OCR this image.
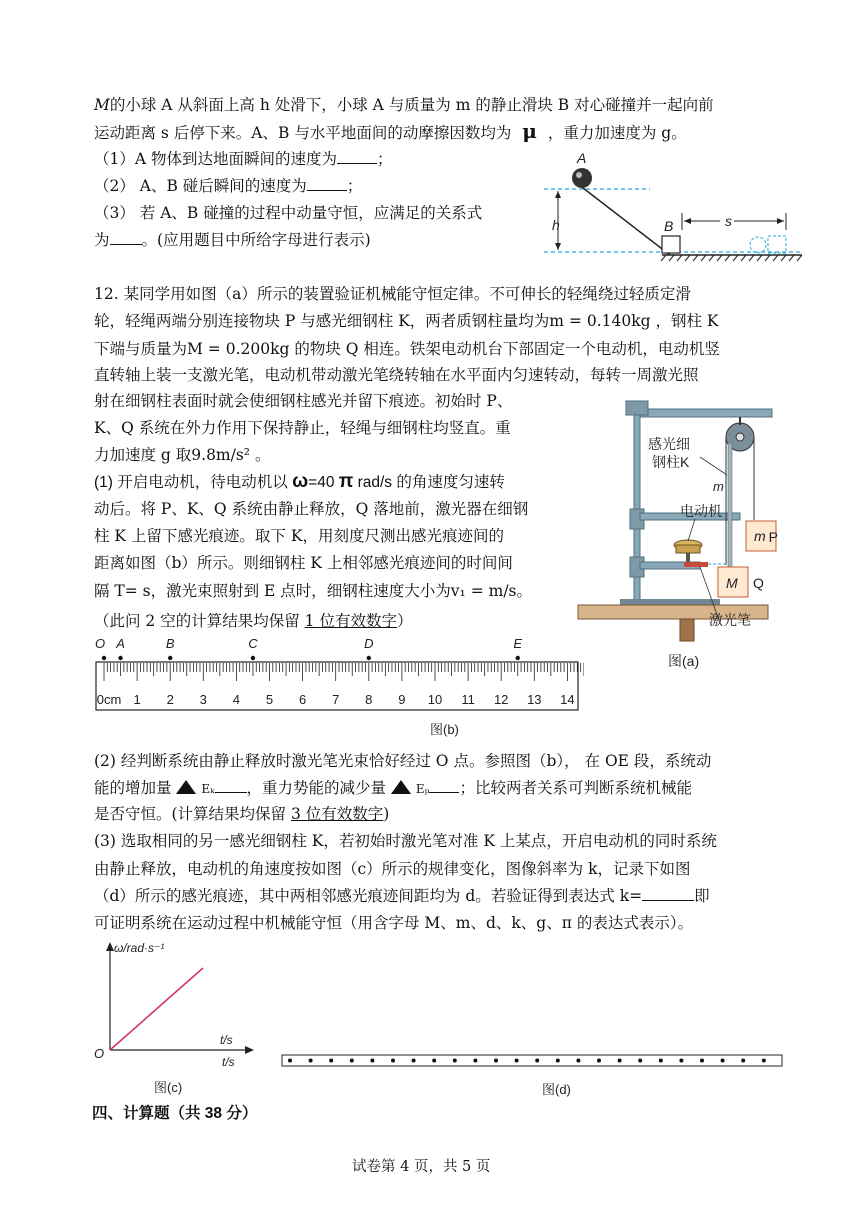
M的小球 A 从斜面上高 h 处滑下，小球 A 与质量为 m 的静止滑块 B 对心碰撞并一起向前
运动距离 s 后停下来。A、B 与水平地面间的动摩擦因数均为 μ ，重力加速度为 g。
（1）A 物体到达地面瞬间的速度为	；
（2） A、B 碰后瞬间的速度为	；
（3） 若 A、B 碰撞的过程中动量守恒，应满足的关系式
为 。(应用题目中所给字母进行表示)
h
A
B	s
12. 某同学用如图（a）所示的装置验证机械能守恒定律。不可伸长的轻绳绕过轻质定滑
轮，轻绳两端分别连接物块 P 与感光细钢柱 K，两者质钢柱量均为m = 0.140kg ，钢柱 K
下端与质量为M = 0.200kg 的物块 Q 相连。铁架电动机台下部固定一个电动机，电动机竖
直转轴上装一支激光笔，电动机带动激光笔绕转轴在水平面内匀速转动，每转一周激光照
射在细钢柱表面时就会使细钢柱感光并留下痕迹。初始时 P、
K、Q 系统在外力作用下保持静止，轻绳与细钢柱均竖直。重
力加速度 g 取9.8m/s² 。
(1) 开启电动机，待电动机以 ω=40 π rad/s 的角速度匀速转
动后。将 P、K、Q 系统由静止释放，Q 落地前，激光器在细钢
柱 K 上留下感光痕迹。取下 K，用刻度尺测出感光痕迹间的
距离如图（b）所示。则细钢柱 K 上相邻感光痕迹间的时间间
隔 T= s，激光束照射到 E 点时，细钢柱速度大小为v₁ = m/s。
（此问 2 空的计算结果均保留 1 位有效数字）
感光细
钢柱K
m
电动机
m P
M Q
激光笔
图(a)
O A	B	C	D	E
0cm 1 2 3 4 5 6 7 8 9 10 11 12 13 14
图(b)
(2) 经判断系统由静止释放时激光笔光束恰好经过 O 点。参照图（b）， 在 OE 段，系统动
能的增加量 Eₖ ，重力势能的减少量 Eₚ ；比较两者关系可判断系统机械能
是否守恒。(计算结果均保留 3 位有效数字)
(3) 选取相同的另一感光细钢柱 K，若初始时激光笔对准 K 上某点，开启电动机的同时系统
由静止释放，电动机的角速度按如图（c）所示的规律变化，图像斜率为 k，记录下如图
（d）所示的感光痕迹，其中两相邻感光痕迹间距均为 d。若验证得到表达式 k=	即
可证明系统在运动过程中机械能守恒（用含字母 M、m、d、k、g、π 的表达式表示）。
ω/rad·s⁻¹
O
t/s
t/s
图(c)	图(d)
四、计算题（共 38 分）
试卷第 4 页，共 5 页
